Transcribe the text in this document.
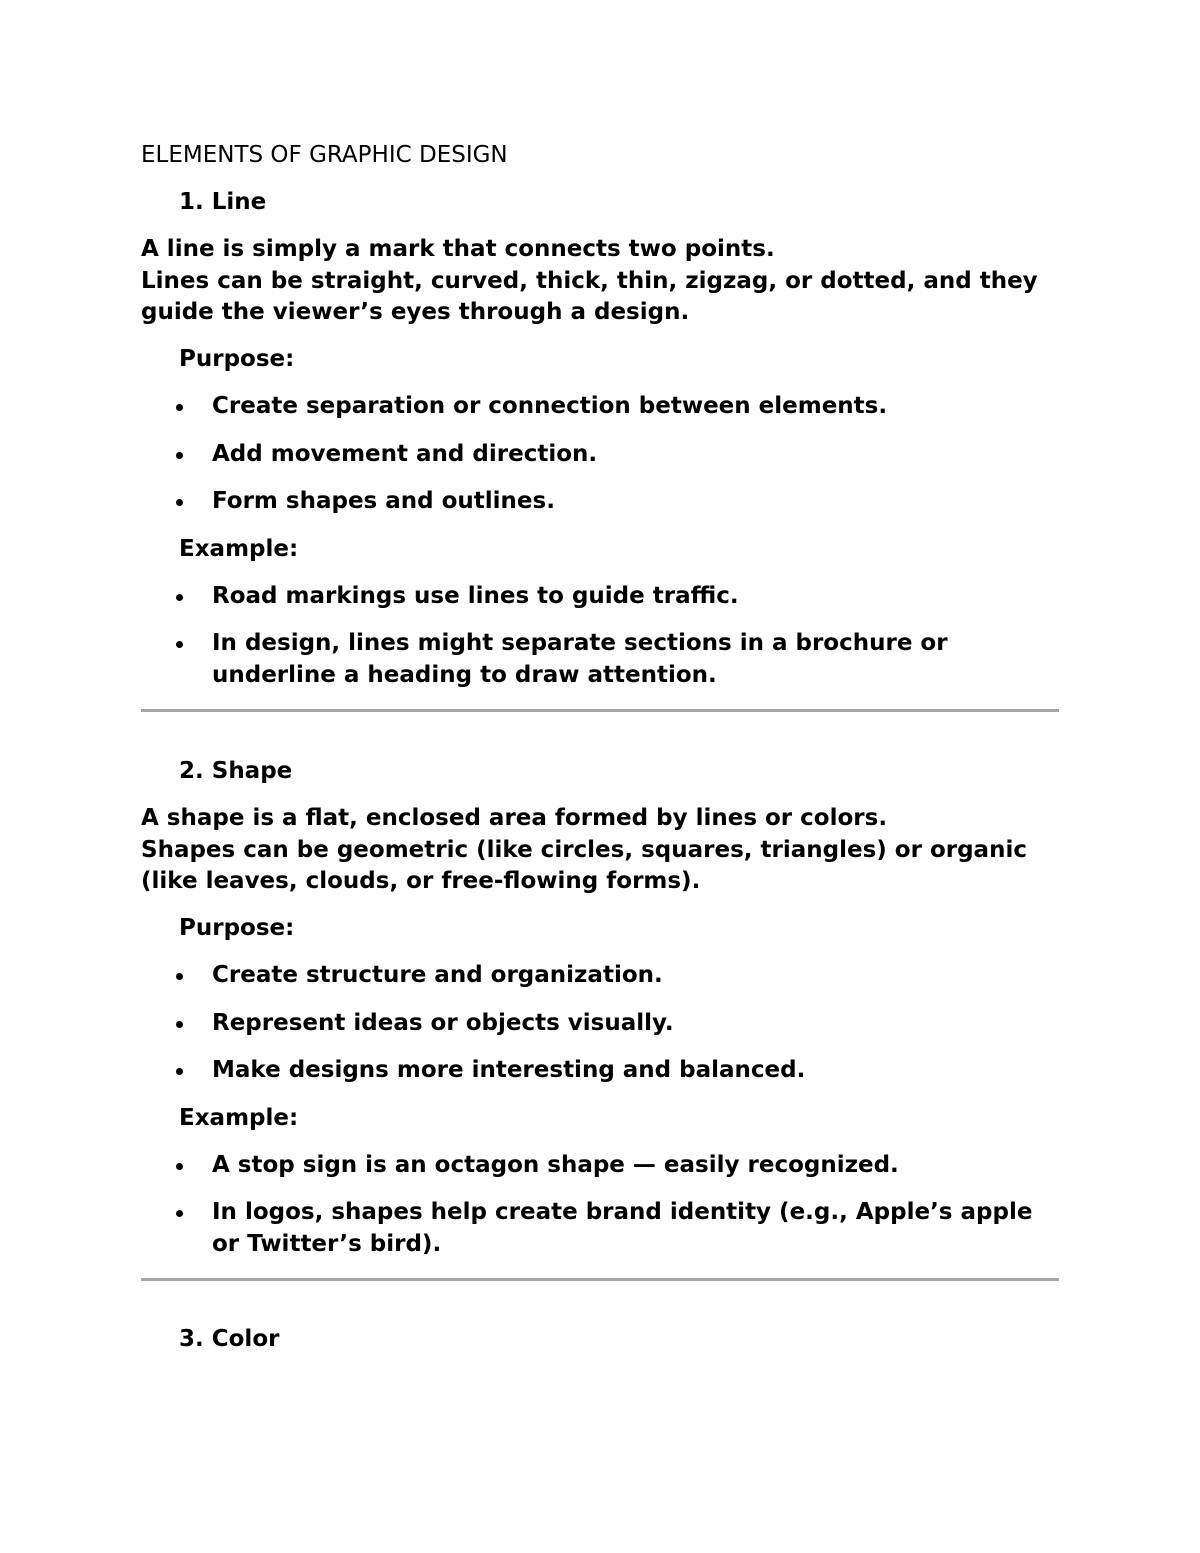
ELEMENTS OF GRAPHIC DESIGN

1. Line

A line is simply a mark that connects two points.

Lines can be straight, curved, thick, thin, zigzag, or dotted, and they

guide the viewer’s eyes through a design.

Purpose:

Create separation or connection between elements.

Add movement and direction.

Form shapes and outlines.

Example:

Road markings use lines to guide traffic.

In design, lines might separate sections in a brochure or

underline a heading to draw attention.

2. Shape

A shape is a flat, enclosed area formed by lines or colors.

Shapes can be geometric (like circles, squares, triangles) or organic

(like leaves, clouds, or free-flowing forms).

Purpose:

Create structure and organization.

Represent ideas or objects visually.

Make designs more interesting and balanced.

Example:

A stop sign is an octagon shape — easily recognized.

In logos, shapes help create brand identity (e.g., Apple’s apple

or Twitter’s bird).

3. Color
